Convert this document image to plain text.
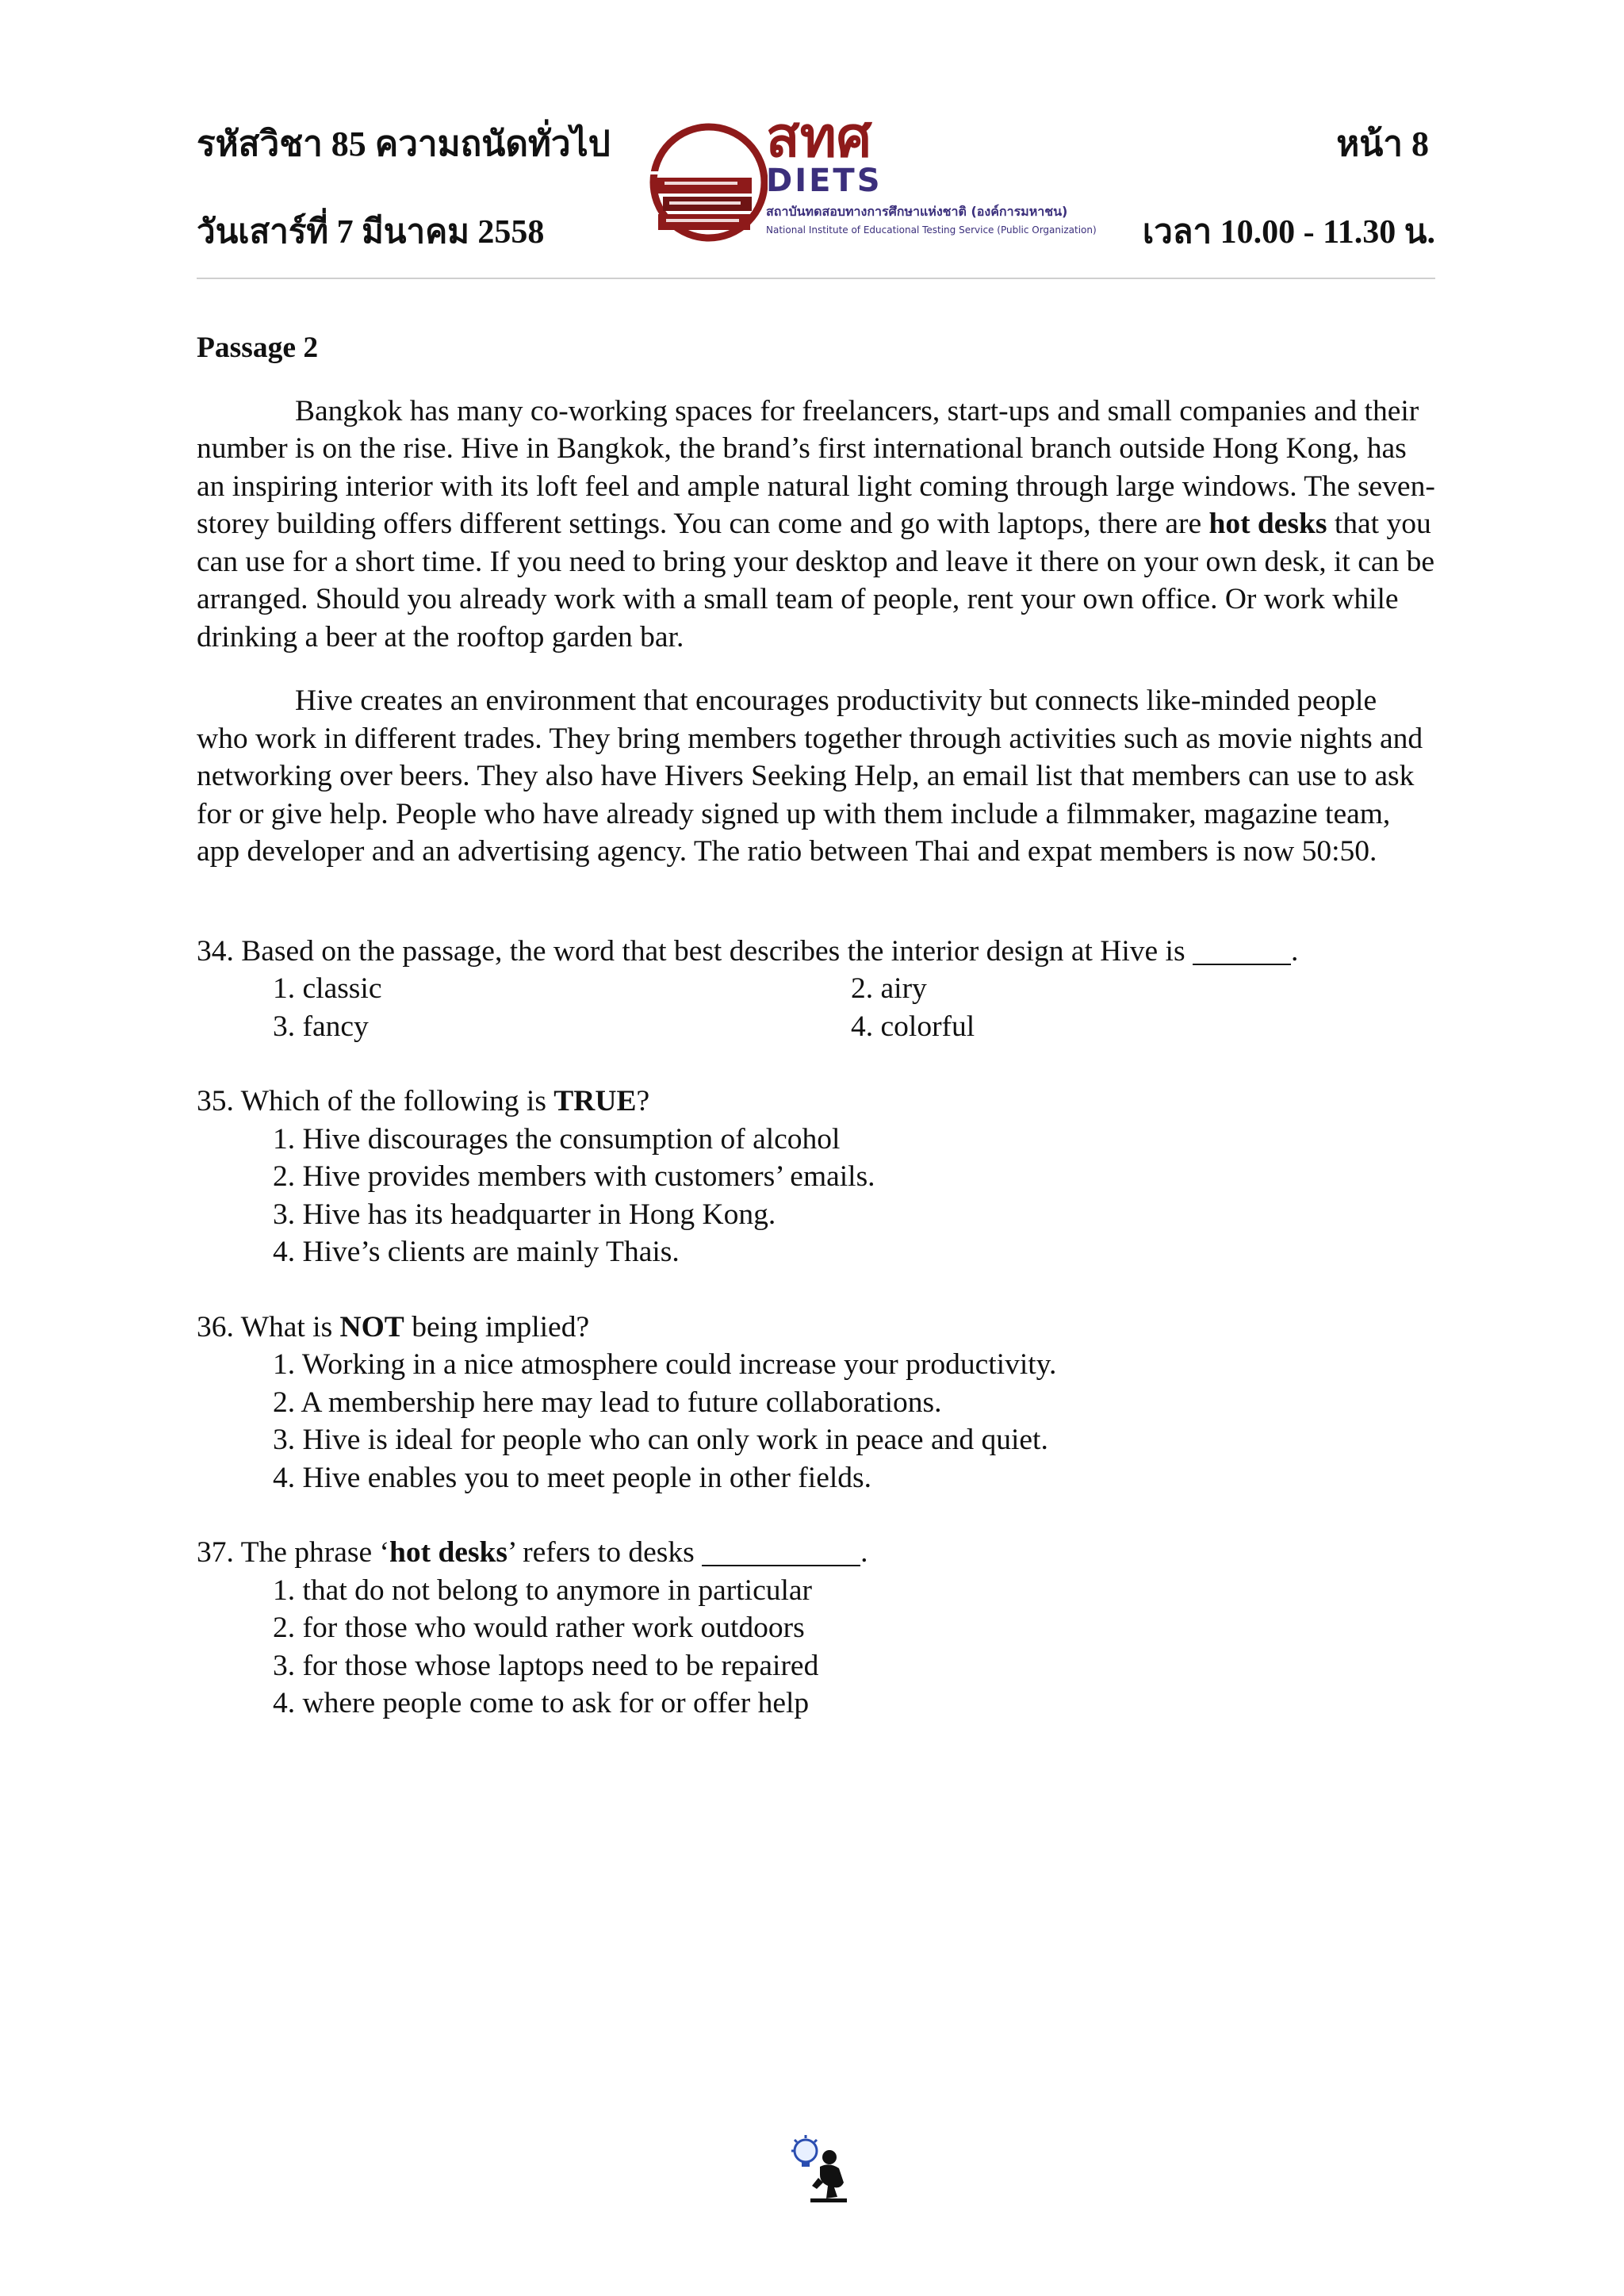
รหัสวิชา 85 ความถนัดทั่วไป	หน้า 8
วันเสาร์ที่ 7 มีนาคม 2558	เวลา 10.00 - 11.30 น.
สทศ
DIETS
สถาบันทดสอบทางการศึกษาแห่งชาติ (องค์การมหาชน)
National Institute of Educational Testing Service (Public Organization)
Passage 2

Bangkok has many co-working spaces for freelancers, start-ups and small companies and their number is on the rise. Hive in Bangkok, the brand’s first international branch outside Hong Kong, has an inspiring interior with its loft feel and ample natural light coming through large windows. The seven-storey building offers different settings. You can come and go with laptops, there are hot desks that you can use for a short time. If you need to bring your desktop and leave it there on your own desk, it can be arranged. Should you already work with a small team of people, rent your own office. Or work while drinking a beer at the rooftop garden bar.

Hive creates an environment that encourages productivity but connects like-minded people who work in different trades. They bring members together through activities such as movie nights and networking over beers. They also have Hivers Seeking Help, an email list that members can use to ask for or give help. People who have already signed up with them include a filmmaker, magazine team, app developer and an advertising agency. The ratio between Thai and expat members is now 50:50.

34. Based on the passage, the word that best describes the interior design at Hive is	.
1. classic	2. airy
3. fancy	4. colorful
35. Which of the following is TRUE?
1. Hive discourages the consumption of alcohol
2. Hive provides members with customers’ emails.
3. Hive has its headquarter in Hong Kong.
4. Hive’s clients are mainly Thais.
36. What is NOT being implied?
1. Working in a nice atmosphere could increase your productivity.
2. A membership here may lead to future collaborations.
3. Hive is ideal for people who can only work in peace and quiet.
4. Hive enables you to meet people in other fields.
37. The phrase ‘hot desks’ refers to desks	.
1. that do not belong to anymore in particular
2. for those who would rather work outdoors
3. for those whose laptops need to be repaired
4. where people come to ask for or offer help
